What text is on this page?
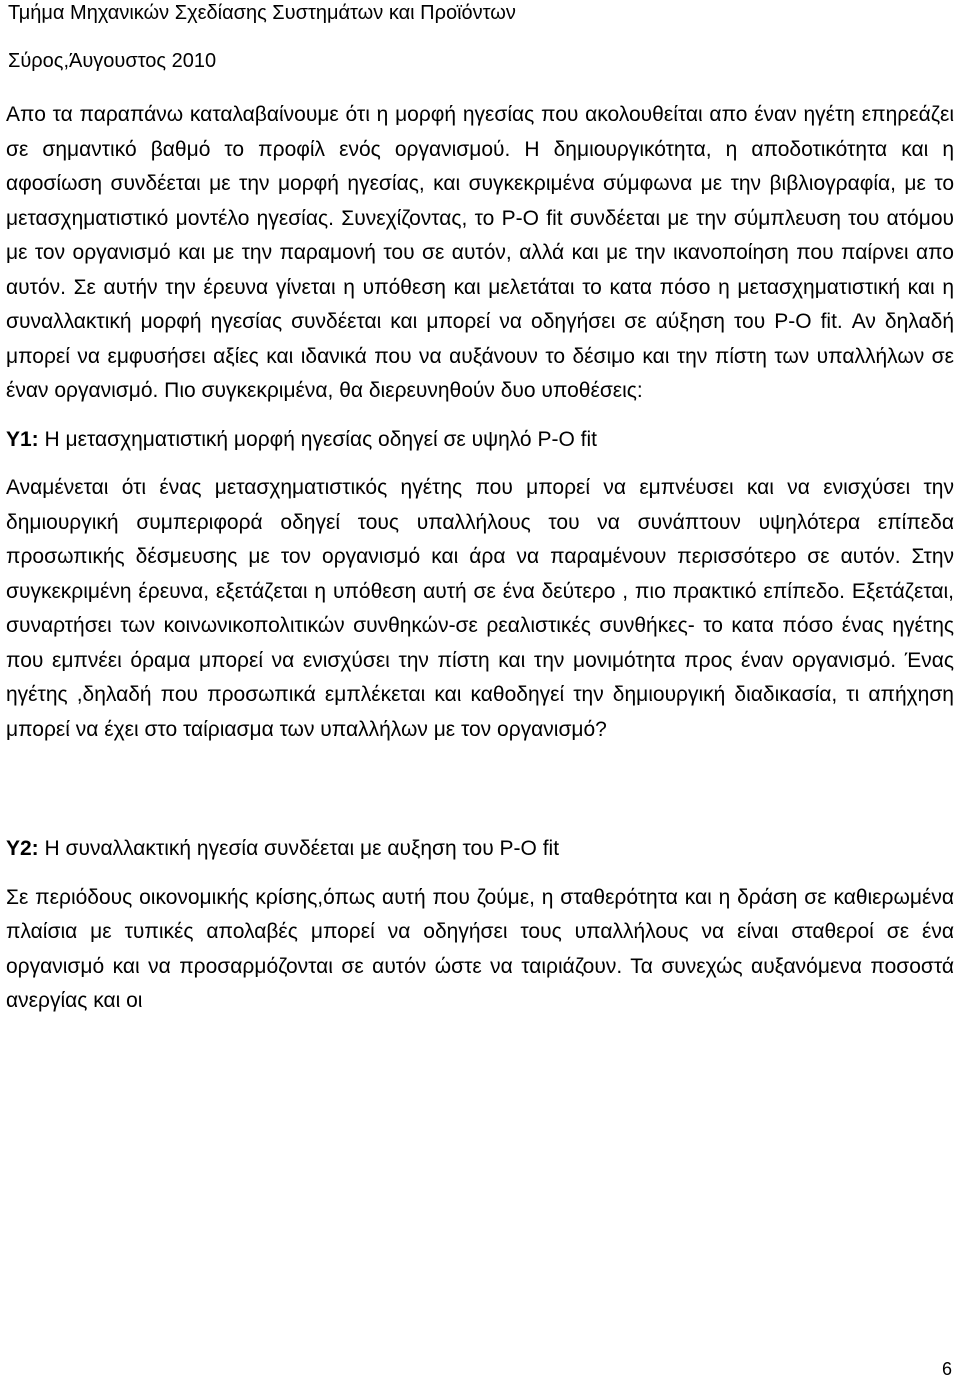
Τμήμα Μηχανικών Σχεδίασης Συστημάτων και Προϊόντων

Σύρος,Άυγουστος 2010

Απο τα παραπάνω καταλαβαίνουμε ότι η μορφή ηγεσίας που ακολουθείται απο έναν ηγέτη επηρεάζει σε σημαντικό βαθμό το προφίλ ενός οργανισμού. Η δημιουργικότητα, η αποδοτικότητα και η αφοσίωση συνδέεται με την μορφή ηγεσίας, και συγκεκριμένα σύμφωνα με την βιβλιογραφία, με το μετασχηματιστικό μοντέλο ηγεσίας. Συνεχίζοντας, το P-O fit συνδέεται με την σύμπλευση του ατόμου με τον οργανισμό και με την παραμονή του σε αυτόν, αλλά και με την ικανοποίηση που παίρνει απο αυτόν. Σε αυτήν την έρευνα γίνεται η υπόθεση και μελετάται το κατα πόσο η μετασχηματιστική και η συναλλακτική μορφή ηγεσίας συνδέεται και μπορεί να οδηγήσει σε αύξηση του P-O fit. Αν δηλαδή μπορεί να εμφυσήσει αξίες και ιδανικά που να αυξάνουν το δέσιμο και την πίστη των υπαλλήλων σε έναν οργανισμό. Πιο συγκεκριμένα, θα διερευνηθούν δυο υποθέσεις:

Y1: Η μετασχηματιστική μορφή ηγεσίας οδηγεί σε υψηλό P-O fit

Αναμένεται ότι ένας μετασχηματιστικός ηγέτης που μπορεί να εμπνέυσει και να ενισχύσει την δημιουργική συμπεριφορά οδηγεί τους υπαλλήλους του να συνάπτουν υψηλότερα επίπεδα προσωπικής δέσμευσης με τον οργανισμό και άρα να παραμένουν περισσότερο σε αυτόν. Στην συγκεκριμένη έρευνα, εξετάζεται η υπόθεση αυτή σε ένα δεύτερο , πιο πρακτικό επίπεδο. Εξετάζεται, συναρτήσει των κοινωνικοπολιτικών συνθηκών-σε ρεαλιστικές συνθήκες- το κατα πόσο ένας ηγέτης που εμπνέει όραμα μπορεί να ενισχύσει την πίστη και την μονιμότητα προς έναν οργανισμό. Ένας ηγέτης ,δηλαδή που προσωπικά εμπλέκεται και καθοδηγεί την δημιουργική διαδικασία, τι απήχηση μπορεί να έχει στο ταίριασμα των υπαλλήλων με τον οργανισμό?

Y2: Η συναλλακτική ηγεσία συνδέεται με αυξηση του P-O fit

Σε περιόδους οικονομικής κρίσης,όπως αυτή που ζούμε, η σταθερότητα και η δράση σε καθιερωμένα πλαίσια με τυπικές απολαβές μπορεί να οδηγήσει τους υπαλλήλους να είναι σταθεροί σε ένα οργανισμό και να προσαρμόζονται σε αυτόν ώστε να ταιριάζουν. Τα συνεχώς αυξανόμενα ποσοστά ανεργίας και οι

6
